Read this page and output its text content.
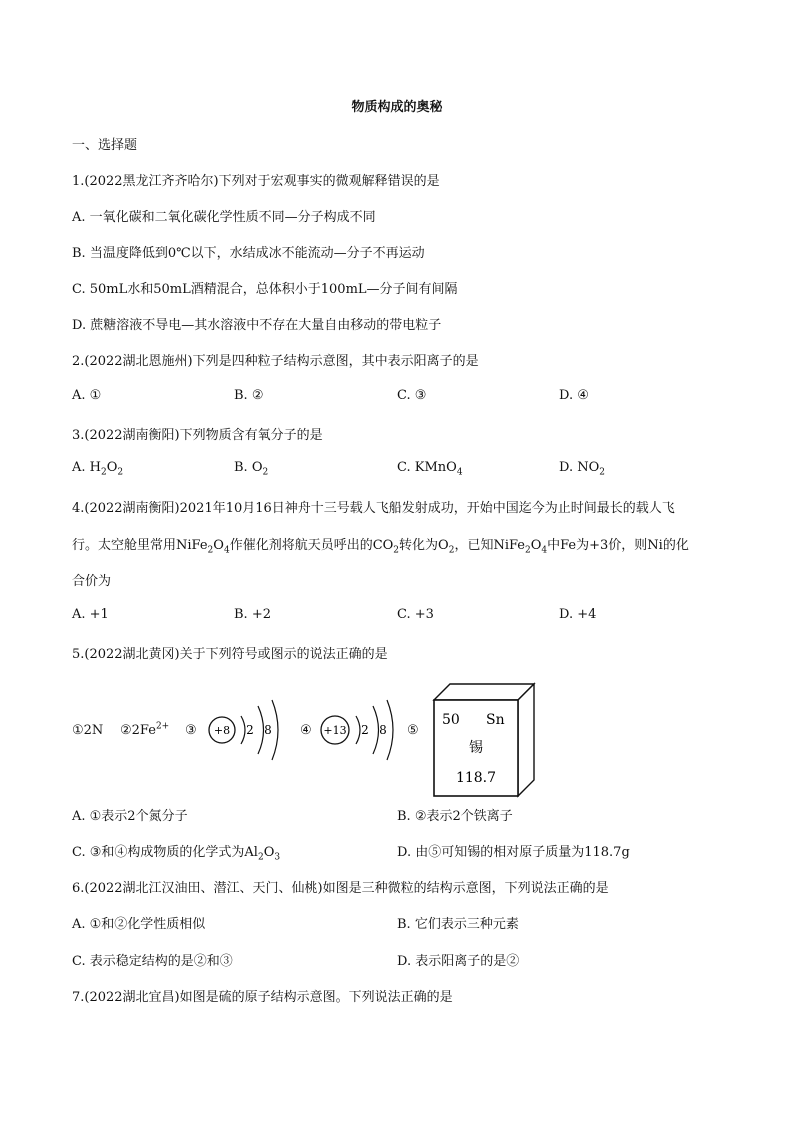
物质构成的奥秘
一、选择题
1.(2022黑龙江齐齐哈尔)下列对于宏观事实的微观解释错误的是
A. 一氧化碳和二氧化碳化学性质不同—分子构成不同
B. 当温度降低到0℃以下，水结成冰不能流动—分子不再运动
C. 50mL水和50mL酒精混合，总体积小于100mL—分子间有间隔
D. 蔗糖溶液不导电—其水溶液中不存在大量自由移动的带电粒子
2.(2022湖北恩施州)下列是四种粒子结构示意图，其中表示阳离子的是
A. ①	B. ②	C. ③	D. ④
3.(2022湖南衡阳)下列物质含有氧分子的是
A. $H_2O_2$	B. $O_2$	C. KMnO$_4$	D. $NO_2$
4.(2022湖南衡阳)2021年10月16日神舟十三号载人飞船发射成功，开始中国迄今为止时间最长的载人飞
行。太空舱里常用$NiFe_2O_4$作催化剂将航天员呼出的$CO_2$转化为$O_2$，已知$NiFe_2O_4$中Fe为+3价，则Ni的化
合价为
A. +1	B. +2	C. +3	D. +4
5.(2022湖北黄冈)关于下列符号或图示的说法正确的是
①2N $②2Fe^{2+}$ ③ +8 2 8 ④ +13 2 8 ⑤
50 Sn
锡
118.7
A. ①表示2个氮分子	B. ②表示2个铁离子
C. ③和④构成物质的化学式为$Al_2O_3$	D. 由⑤可知锡的相对原子质量为118.7g
6.(2022湖北江汉油田、潜江、天门、仙桃)如图是三种微粒的结构示意图，下列说法正确的是
A. ①和②化学性质相似	B. 它们表示三种元素
C. 表示稳定结构的是②和③	D. 表示阳离子的是②
7.(2022湖北宜昌)如图是硫的原子结构示意图。下列说法正确的是
